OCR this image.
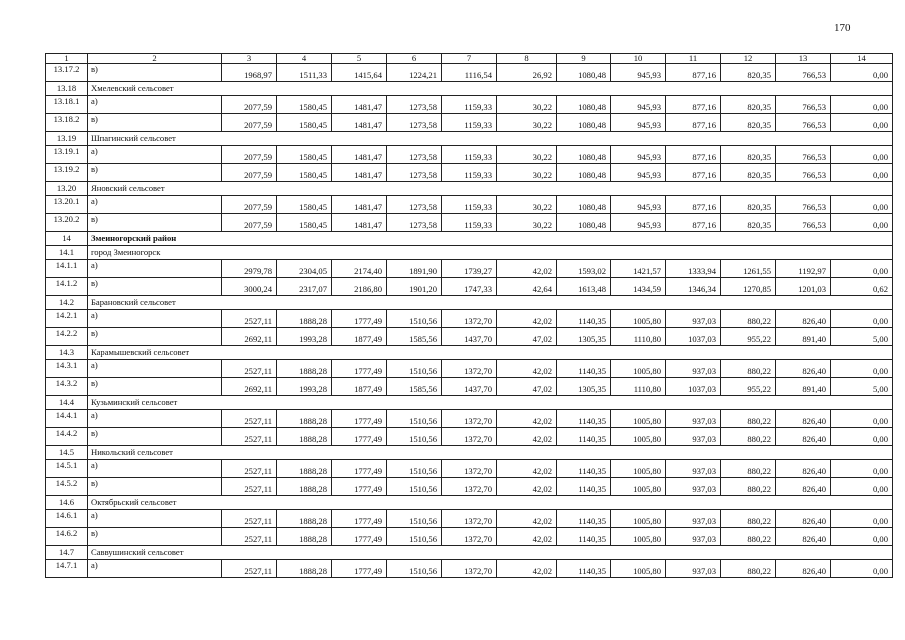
170
1	2	3	4	5	6	7	8	9	10	11	12	13	14
13.17.2	в)	1968,97	1511,33	1415,64	1224,21	1116,54	26,92	1080,48	945,93	877,16	820,35	766,53	0,00
13.18	Хмелевский сельсовет												
13.18.1	а)	2077,59	1580,45	1481,47	1273,58	1159,33	30,22	1080,48	945,93	877,16	820,35	766,53	0,00
13.18.2	в)	2077,59	1580,45	1481,47	1273,58	1159,33	30,22	1080,48	945,93	877,16	820,35	766,53	0,00
13.19	Шпагинский сельсовет												
13.19.1	а)	2077,59	1580,45	1481,47	1273,58	1159,33	30,22	1080,48	945,93	877,16	820,35	766,53	0,00
13.19.2	в)	2077,59	1580,45	1481,47	1273,58	1159,33	30,22	1080,48	945,93	877,16	820,35	766,53	0,00
13.20	Яновский сельсовет												
13.20.1	а)	2077,59	1580,45	1481,47	1273,58	1159,33	30,22	1080,48	945,93	877,16	820,35	766,53	0,00
13.20.2	в)	2077,59	1580,45	1481,47	1273,58	1159,33	30,22	1080,48	945,93	877,16	820,35	766,53	0,00
14	Змеиногорский район												
14.1	город Змеиногорск												
14.1.1	а)	2979,78	2304,05	2174,40	1891,90	1739,27	42,02	1593,02	1421,57	1333,94	1261,55	1192,97	0,00
14.1.2	в)	3000,24	2317,07	2186,80	1901,20	1747,33	42,64	1613,48	1434,59	1346,34	1270,85	1201,03	0,62
14.2	Барановский сельсовет												
14.2.1	а)	2527,11	1888,28	1777,49	1510,56	1372,70	42,02	1140,35	1005,80	937,03	880,22	826,40	0,00
14.2.2	в)	2692,11	1993,28	1877,49	1585,56	1437,70	47,02	1305,35	1110,80	1037,03	955,22	891,40	5,00
14.3	Карамышевский сельсовет												
14.3.1	а)	2527,11	1888,28	1777,49	1510,56	1372,70	42,02	1140,35	1005,80	937,03	880,22	826,40	0,00
14.3.2	в)	2692,11	1993,28	1877,49	1585,56	1437,70	47,02	1305,35	1110,80	1037,03	955,22	891,40	5,00
14.4	Кузьминский сельсовет												
14.4.1	а)	2527,11	1888,28	1777,49	1510,56	1372,70	42,02	1140,35	1005,80	937,03	880,22	826,40	0,00
14.4.2	в)	2527,11	1888,28	1777,49	1510,56	1372,70	42,02	1140,35	1005,80	937,03	880,22	826,40	0,00
14.5	Никольский сельсовет												
14.5.1	а)	2527,11	1888,28	1777,49	1510,56	1372,70	42,02	1140,35	1005,80	937,03	880,22	826,40	0,00
14.5.2	в)	2527,11	1888,28	1777,49	1510,56	1372,70	42,02	1140,35	1005,80	937,03	880,22	826,40	0,00
14.6	Октябрьский сельсовет												
14.6.1	а)	2527,11	1888,28	1777,49	1510,56	1372,70	42,02	1140,35	1005,80	937,03	880,22	826,40	0,00
14.6.2	в)	2527,11	1888,28	1777,49	1510,56	1372,70	42,02	1140,35	1005,80	937,03	880,22	826,40	0,00
14.7	Саввушинский сельсовет												
14.7.1	а)	2527,11	1888,28	1777,49	1510,56	1372,70	42,02	1140,35	1005,80	937,03	880,22	826,40	0,00
